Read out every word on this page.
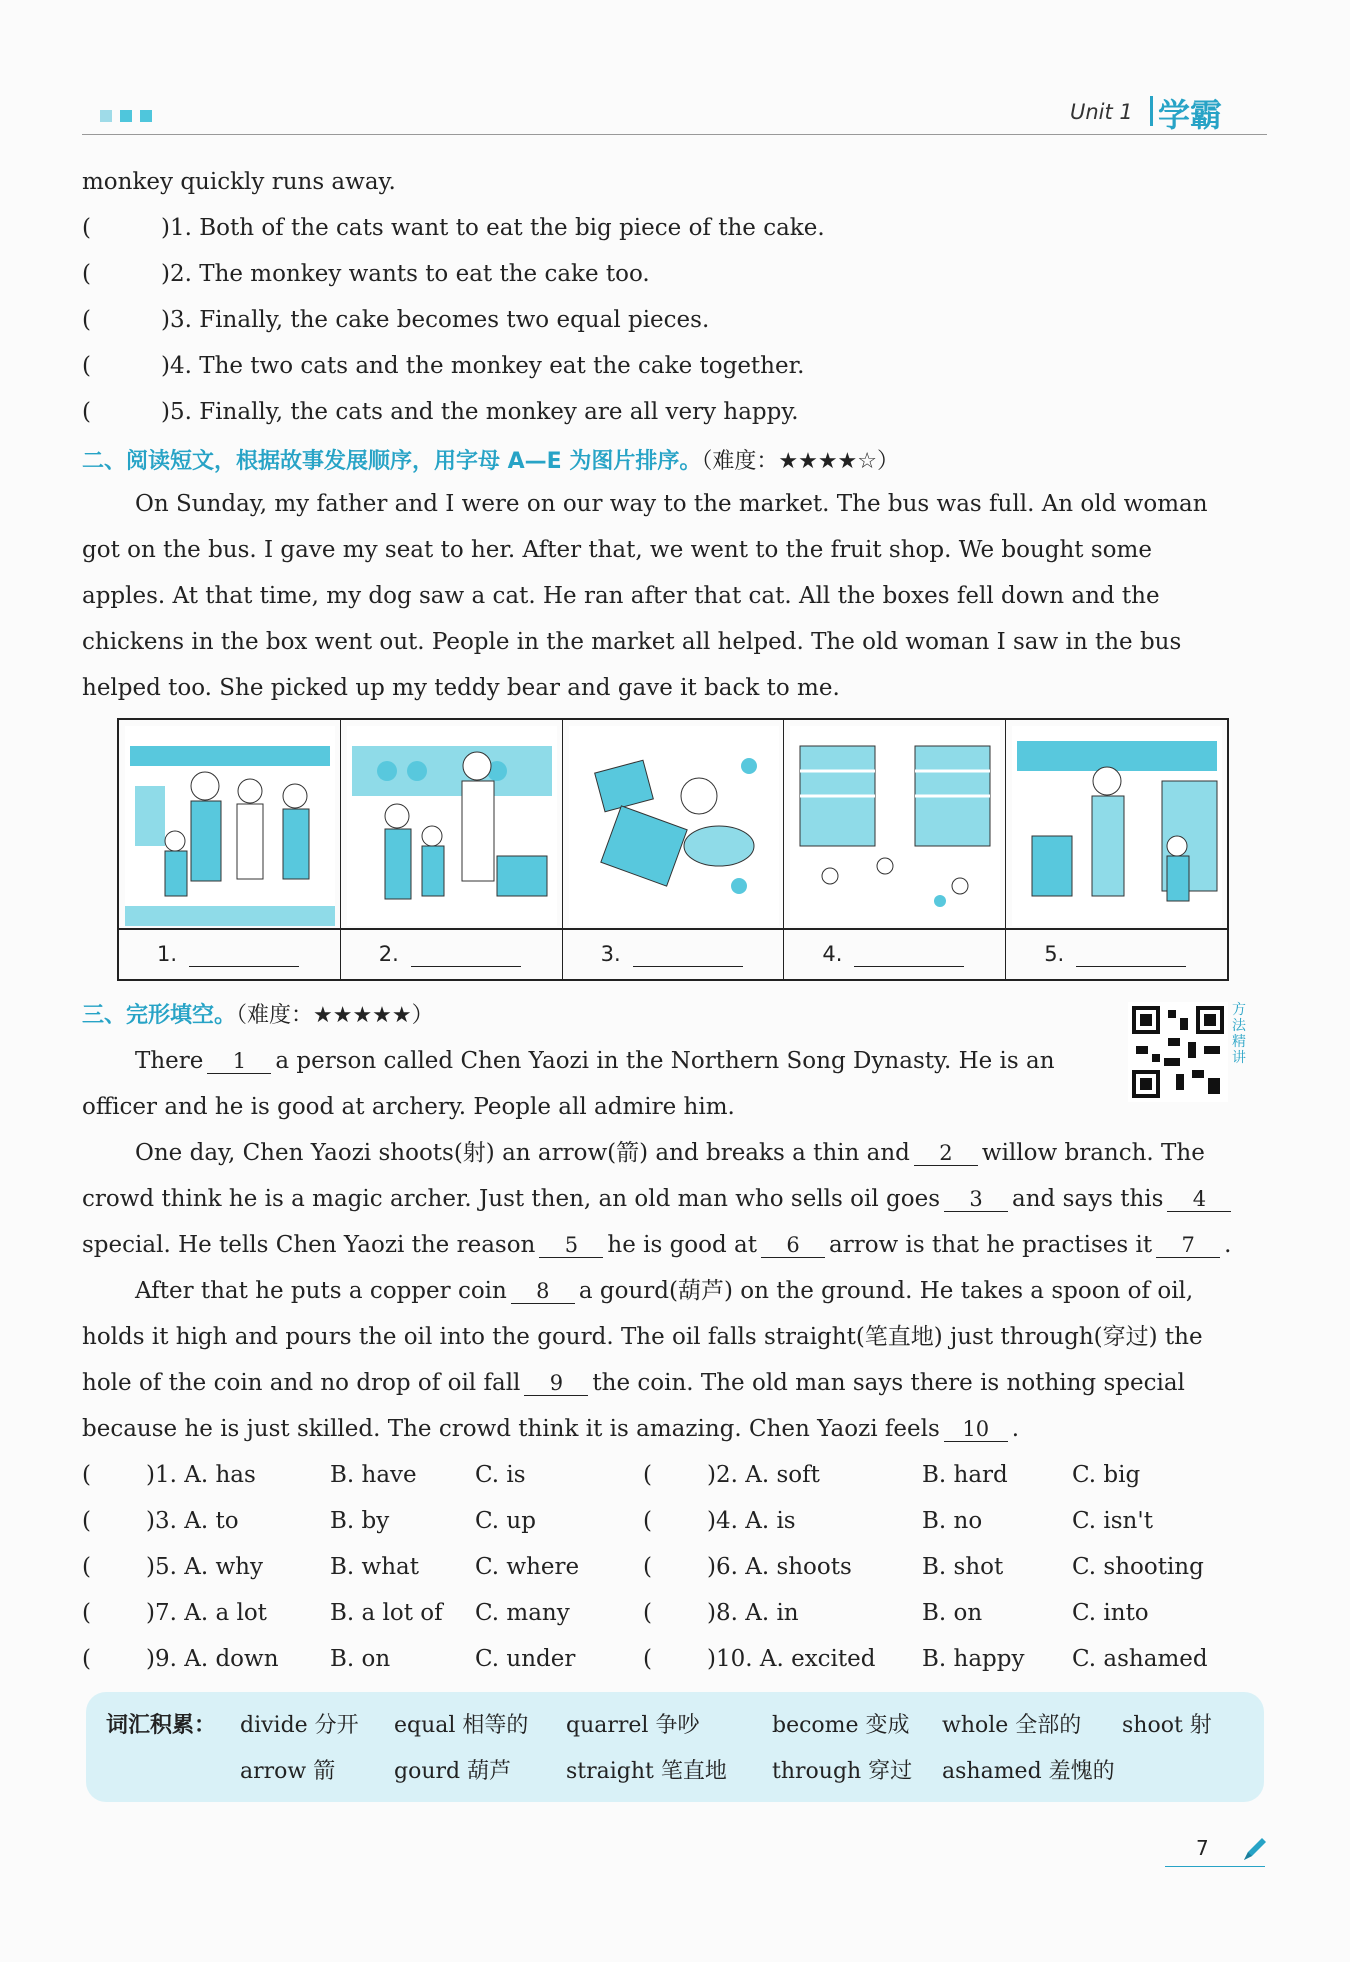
Unit 1 学霸
monkey quickly runs away.
(	)1. Both of the cats want to eat the big piece of the cake.
(	)2. The monkey wants to eat the cake too.
(	)3. Finally, the cake becomes two equal pieces.
(	)4. The two cats and the monkey eat the cake together.
(	)5. Finally, the cats and the monkey are all very happy.
二、阅读短文，根据故事发展顺序，用字母 A—E 为图片排序。（难度：★★★★☆）
On Sunday, my father and I were on our way to the market. The bus was full. An old woman
got on the bus. I gave my seat to her. After that, we went to the fruit shop. We bought some
apples. At that time, my dog saw a cat. He ran after that cat. All the boxes fell down and the
chickens in the box went out. People in the market all helped. The old woman I saw in the bus
helped too. She picked up my teddy bear and gave it back to me.
1.	2.	3.	4.	5.
三、完形填空。（难度：★★★★★）	方法精讲
There 1 a person called Chen Yaozi in the Northern Song Dynasty. He is an
officer and he is good at archery. People all admire him.
One day, Chen Yaozi shoots(射) an arrow(箭) and breaks a thin and 2 willow branch. The
crowd think he is a magic archer. Just then, an old man who sells oil goes 3 and says this 4
special. He tells Chen Yaozi the reason 5 he is good at 6 arrow is that he practises it 7 .
After that he puts a copper coin 8 a gourd(葫芦) on the ground. He takes a spoon of oil,
holds it high and pours the oil into the gourd. The oil falls straight(笔直地) just through(穿过) the
hole of the coin and no drop of oil fall 9 the coin. The old man says there is nothing special
because he is just skilled. The crowd think it is amazing. Chen Yaozi feels 10 .
( )1. A. has	B. have	C. is	( )2. A. soft	B. hard	C. big
( )3. A. to	B. by	C. up	( )4. A. is	B. no	C. isn't
( )5. A. why	B. what C. where	( )6. A. shoots	B. shot	C. shooting
( )7. A. a lot	B. a lot of C. many	( )8. A. in	B. on	C. into
( )9. A. down B. on	C. under	( )10. A. excited B. happy C. ashamed
词汇积累： divide 分开 equal 相等的 quarrel 争吵	become 变成 whole 全部的 shoot 射
arrow 箭	gourd 葫芦 straight 笔直地 through 穿过 ashamed 羞愧的
7
